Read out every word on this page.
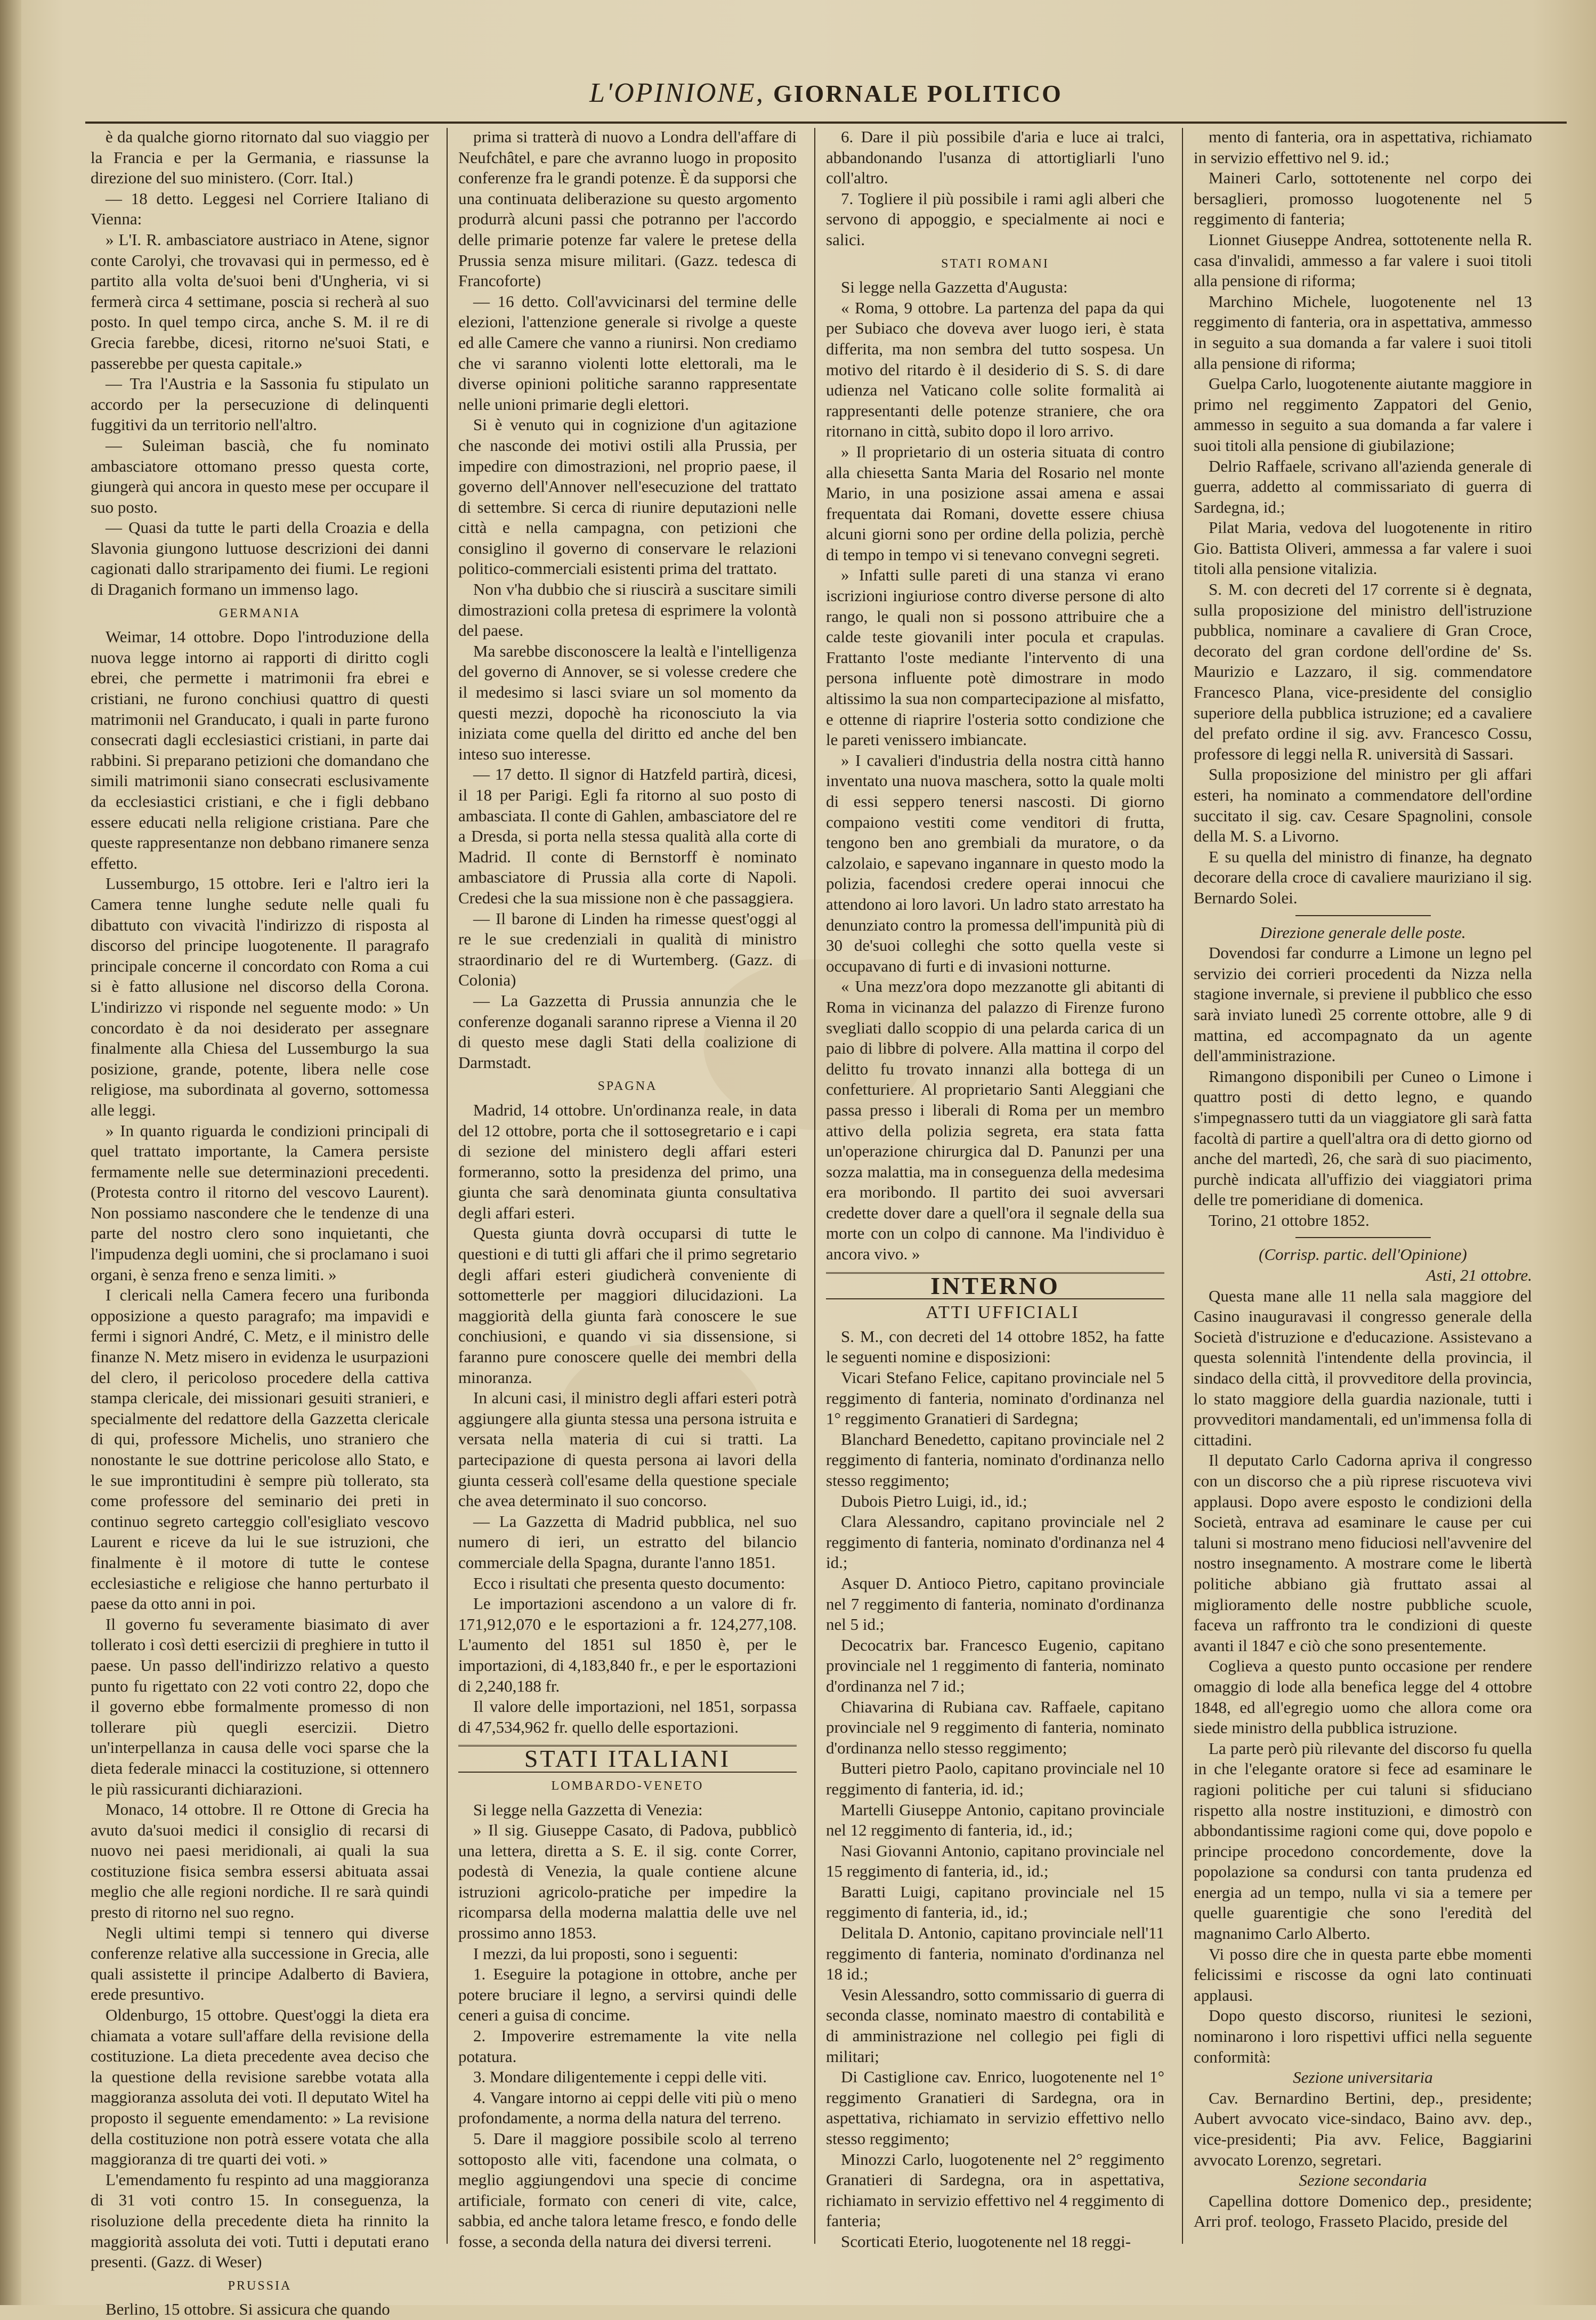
L'OPINIONE, GIORNALE POLITICO

è da qualche giorno ritornato dal suo viaggio per la Francia e per la Germania, e riassunse la direzione del suo ministero. (Corr. Ital.)

— 18 detto. Leggesi nel Corriere Italiano di Vienna:

» L'I. R. ambasciatore austriaco in Atene, signor conte Carolyi, che trovavasi qui in permesso, ed è partito alla volta de'suoi beni d'Ungheria, vi si fermerà circa 4 settimane, poscia si recherà al suo posto. In quel tempo circa, anche S. M. il re di Grecia farebbe, dicesi, ritorno ne'suoi Stati, e passerebbe per questa capitale.»

— Tra l'Austria e la Sassonia fu stipulato un accordo per la persecuzione di delinquenti fuggitivi da un territorio nell'altro.

— Suleiman bascià, che fu nominato ambasciatore ottomano presso questa corte, giungerà qui ancora in questo mese per occupare il suo posto.

— Quasi da tutte le parti della Croazia e della Slavonia giungono luttuose descrizioni dei danni cagionati dallo straripamento dei fiumi. Le regioni di Draganich formano un immenso lago.

GERMANIA

Weimar, 14 ottobre. Dopo l'introduzione della nuova legge intorno ai rapporti di diritto cogli ebrei, che permette i matrimonii fra ebrei e cristiani, ne furono conchiusi quattro di questi matrimonii nel Granducato, i quali in parte furono consecrati dagli ecclesiastici cristiani, in parte dai rabbini. Si preparano petizioni che domandano che simili matrimonii siano consecrati esclusivamente da ecclesiastici cristiani, e che i figli debbano essere educati nella religione cristiana. Pare che queste rappresentanze non debbano rimanere senza effetto.

Lussemburgo, 15 ottobre. Ieri e l'altro ieri la Camera tenne lunghe sedute nelle quali fu dibattuto con vivacità l'indirizzo di risposta al discorso del principe luogotenente. Il paragrafo principale concerne il concordato con Roma a cui si è fatto allusione nel discorso della Corona. L'indirizzo vi risponde nel seguente modo: » Un concordato è da noi desiderato per assegnare finalmente alla Chiesa del Lussemburgo la sua posizione, grande, potente, libera nelle cose religiose, ma subordinata al governo, sottomessa alle leggi.

» In quanto riguarda le condizioni principali di quel trattato importante, la Camera persiste fermamente nelle sue determinazioni precedenti. (Protesta contro il ritorno del vescovo Laurent). Non possiamo nascondere che le tendenze di una parte del nostro clero sono inquietanti, che l'impudenza degli uomini, che si proclamano i suoi organi, è senza freno e senza limiti. »

I clericali nella Camera fecero una furibonda opposizione a questo paragrafo; ma impavidi e fermi i signori André, C. Metz, e il ministro delle finanze N. Metz misero in evidenza le usurpazioni del clero, il pericoloso procedere della cattiva stampa clericale, dei missionari gesuiti stranieri, e specialmente del redattore della Gazzetta clericale di qui, professore Michelis, uno straniero che nonostante le sue dottrine pericolose allo Stato, e le sue improntitudini è sempre più tollerato, sta come professore del seminario dei preti in continuo segreto carteggio coll'esigliato vescovo Laurent e riceve da lui le sue istruzioni, che finalmente è il motore di tutte le contese ecclesiastiche e religiose che hanno perturbato il paese da otto anni in poi.

Il governo fu severamente biasimato di aver tollerato i così detti esercizii di preghiere in tutto il paese. Un passo dell'indirizzo relativo a questo punto fu rigettato con 22 voti contro 22, dopo che il governo ebbe formalmente promesso di non tollerare più quegli esercizii. Dietro un'interpellanza in causa delle voci sparse che la dieta federale minacci la costituzione, si ottennero le più rassicuranti dichiarazioni.

Monaco, 14 ottobre. Il re Ottone di Grecia ha avuto da'suoi medici il consiglio di recarsi di nuovo nei paesi meridionali, ai quali la sua costituzione fisica sembra essersi abituata assai meglio che alle regioni nordiche. Il re sarà quindi presto di ritorno nel suo regno.

Negli ultimi tempi si tennero qui diverse conferenze relative alla successione in Grecia, alle quali assistette il principe Adalberto di Baviera, erede presuntivo.

Oldenburgo, 15 ottobre. Quest'oggi la dieta era chiamata a votare sull'affare della revisione della costituzione. La dieta precedente avea deciso che la questione della revisione sarebbe votata alla maggioranza assoluta dei voti. Il deputato Witel ha proposto il seguente emendamento: » La revisione della costituzione non potrà essere votata che alla maggioranza di tre quarti dei voti. »

L'emendamento fu respinto ad una maggioranza di 31 voti contro 15. In conseguenza, la risoluzione della precedente dieta ha rinnito la maggiorità assoluta dei voti. Tutti i deputati erano presenti. (Gazz. di Weser)

PRUSSIA

Berlino, 15 ottobre. Si assicura che quando

prima si tratterà di nuovo a Londra dell'affare di Neufchâtel, e pare che avranno luogo in proposito conferenze fra le grandi potenze. È da supporsi che una continuata deliberazione su questo argomento produrrà alcuni passi che potranno per l'accordo delle primarie potenze far valere le pretese della Prussia senza misure militari. (Gazz. tedesca di Francoforte)

— 16 detto. Coll'avvicinarsi del termine delle elezioni, l'attenzione generale si rivolge a queste ed alle Camere che vanno a riunirsi. Non crediamo che vi saranno violenti lotte elettorali, ma le diverse opinioni politiche saranno rappresentate nelle unioni primarie degli elettori.

Si è venuto qui in cognizione d'un agitazione che nasconde dei motivi ostili alla Prussia, per impedire con dimostrazioni, nel proprio paese, il governo dell'Annover nell'esecuzione del trattato di settembre. Si cerca di riunire deputazioni nelle città e nella campagna, con petizioni che consiglino il governo di conservare le relazioni politico-commerciali esistenti prima del trattato.

Non v'ha dubbio che si riuscirà a suscitare simili dimostrazioni colla pretesa di esprimere la volontà del paese.

Ma sarebbe disconoscere la lealtà e l'intelligenza del governo di Annover, se si volesse credere che il medesimo si lasci sviare un sol momento da questi mezzi, dopochè ha riconosciuto la via iniziata come quella del diritto ed anche del ben inteso suo interesse.

— 17 detto. Il signor di Hatzfeld partirà, dicesi, il 18 per Parigi. Egli fa ritorno al suo posto di ambasciata. Il conte di Gahlen, ambasciatore del re a Dresda, si porta nella stessa qualità alla corte di Madrid. Il conte di Bernstorff è nominato ambasciatore di Prussia alla corte di Napoli. Credesi che la sua missione non è che passaggiera.

— Il barone di Linden ha rimesse quest'oggi al re le sue credenziali in qualità di ministro straordinario del re di Wurtemberg. (Gazz. di Colonia)

— La Gazzetta di Prussia annunzia che le conferenze doganali saranno riprese a Vienna il 20 di questo mese dagli Stati della coalizione di Darmstadt.

SPAGNA

Madrid, 14 ottobre. Un'ordinanza reale, in data del 12 ottobre, porta che il sottosegretario e i capi di sezione del ministero degli affari esteri formeranno, sotto la presidenza del primo, una giunta che sarà denominata giunta consultativa degli affari esteri.

Questa giunta dovrà occuparsi di tutte le questioni e di tutti gli affari che il primo segretario degli affari esteri giudicherà conveniente di sottometterle per maggiori dilucidazioni. La maggiorità della giunta farà conoscere le sue conchiusioni, e quando vi sia dissensione, si faranno pure conoscere quelle dei membri della minoranza.

In alcuni casi, il ministro degli affari esteri potrà aggiungere alla giunta stessa una persona istruita e versata nella materia di cui si tratti. La partecipazione di questa persona ai lavori della giunta cesserà coll'esame della questione speciale che avea determinato il suo concorso.

— La Gazzetta di Madrid pubblica, nel suo numero di ieri, un estratto del bilancio commerciale della Spagna, durante l'anno 1851.

Ecco i risultati che presenta questo documento:

Le importazioni ascendono a un valore di fr. 171,912,070 e le esportazioni a fr. 124,277,108. L'aumento del 1851 sul 1850 è, per le importazioni, di 4,183,840 fr., e per le esportazioni di 2,240,188 fr.

Il valore delle importazioni, nel 1851, sorpassa di 47,534,962 fr. quello delle esportazioni.

STATI ITALIANI

LOMBARDO-VENETO

Si legge nella Gazzetta di Venezia:

» Il sig. Giuseppe Casato, di Padova, pubblicò una lettera, diretta a S. E. il sig. conte Correr, podestà di Venezia, la quale contiene alcune istruzioni agricolo-pratiche per impedire la ricomparsa della moderna malattia delle uve nel prossimo anno 1853.

I mezzi, da lui proposti, sono i seguenti:

1. Eseguire la potagione in ottobre, anche per potere bruciare il legno, a servirsi quindi delle ceneri a guisa di concime.

2. Impoverire estremamente la vite nella potatura.

3. Mondare diligentemente i ceppi delle viti.

4. Vangare intorno ai ceppi delle viti più o meno profondamente, a norma della natura del terreno.

5. Dare il maggiore possibile scolo al terreno sottoposto alle viti, facendone una colmata, o meglio aggiungendovi una specie di concime artificiale, formato con ceneri di vite, calce, sabbia, ed anche talora letame fresco, e fondo delle fosse, a seconda della natura dei diversi terreni.

6. Dare il più possibile d'aria e luce ai tralci, abbandonando l'usanza di attortigliarli l'uno coll'altro.

7. Togliere il più possibile i rami agli alberi che servono di appoggio, e specialmente ai noci e salici.

STATI ROMANI

Si legge nella Gazzetta d'Augusta:

« Roma, 9 ottobre. La partenza del papa da qui per Subiaco che doveva aver luogo ieri, è stata differita, ma non sembra del tutto sospesa. Un motivo del ritardo è il desiderio di S. S. di dare udienza nel Vaticano colle solite formalità ai rappresentanti delle potenze straniere, che ora ritornano in città, subito dopo il loro arrivo.

» Il proprietario di un osteria situata di contro alla chiesetta Santa Maria del Rosario nel monte Mario, in una posizione assai amena e assai frequentata dai Romani, dovette essere chiusa alcuni giorni sono per ordine della polizia, perchè di tempo in tempo vi si tenevano convegni segreti.

» Infatti sulle pareti di una stanza vi erano iscrizioni ingiuriose contro diverse persone di alto rango, le quali non si possono attribuire che a calde teste giovanili inter pocula et crapulas. Frattanto l'oste mediante l'intervento di una persona influente potè dimostrare in modo altissimo la sua non compartecipazione al misfatto, e ottenne di riaprire l'osteria sotto condizione che le pareti venissero imbiancate.

» I cavalieri d'industria della nostra città hanno inventato una nuova maschera, sotto la quale molti di essi seppero tenersi nascosti. Di giorno compaiono vestiti come venditori di frutta, tengono ben ano grembiali da muratore, o da calzolaio, e sapevano ingannare in questo modo la polizia, facendosi credere operai innocui che attendono ai loro lavori. Un ladro stato arrestato ha denunziato contro la promessa dell'impunità più di 30 de'suoi colleghi che sotto quella veste si occupavano di furti e di invasioni notturne.

« Una mezz'ora dopo mezzanotte gli abitanti di Roma in vicinanza del palazzo di Firenze furono svegliati dallo scoppio di una pelarda carica di un paio di libbre di polvere. Alla mattina il corpo del delitto fu trovato innanzi alla bottega di un confetturiere. Al proprietario Santi Aleggiani che passa presso i liberali di Roma per un membro attivo della polizia segreta, era stata fatta un'operazione chirurgica dal D. Panunzi per una sozza malattia, ma in conseguenza della medesima era moribondo. Il partito dei suoi avversari credette dover dare a quell'ora il segnale della sua morte con un colpo di cannone. Ma l'individuo è ancora vivo. »

INTERNO

ATTI UFFICIALI

S. M., con decreti del 14 ottobre 1852, ha fatte le seguenti nomine e disposizioni:

Vicari Stefano Felice, capitano provinciale nel 5 reggimento di fanteria, nominato d'ordinanza nel 1° reggimento Granatieri di Sardegna;

Blanchard Benedetto, capitano provinciale nel 2 reggimento di fanteria, nominato d'ordinanza nello stesso reggimento;

Dubois Pietro Luigi, id., id.;

Clara Alessandro, capitano provinciale nel 2 reggimento di fanteria, nominato d'ordinanza nel 4 id.;

Asquer D. Antioco Pietro, capitano provinciale nel 7 reggimento di fanteria, nominato d'ordinanza nel 5 id.;

Decocatrix bar. Francesco Eugenio, capitano provinciale nel 1 reggimento di fanteria, nominato d'ordinanza nel 7 id.;

Chiavarina di Rubiana cav. Raffaele, capitano provinciale nel 9 reggimento di fanteria, nominato d'ordinanza nello stesso reggimento;

Butteri pietro Paolo, capitano provinciale nel 10 reggimento di fanteria, id. id.;

Martelli Giuseppe Antonio, capitano provinciale nel 12 reggimento di fanteria, id., id.;

Nasi Giovanni Antonio, capitano provinciale nel 15 reggimento di fanteria, id., id.;

Baratti Luigi, capitano provinciale nel 15 reggimento di fanteria, id., id.;

Delitala D. Antonio, capitano provinciale nell'11 reggimento di fanteria, nominato d'ordinanza nel 18 id.;

Vesin Alessandro, sotto commissario di guerra di seconda classe, nominato maestro di contabilità e di amministrazione nel collegio pei figli di militari;

Di Castiglione cav. Enrico, luogotenente nel 1° reggimento Granatieri di Sardegna, ora in aspettativa, richiamato in servizio effettivo nello stesso reggimento;

Minozzi Carlo, luogotenente nel 2° reggimento Granatieri di Sardegna, ora in aspettativa, richiamato in servizio effettivo nel 4 reggimento di fanteria;

Scorticati Eterio, luogotenente nel 18 reggi-

mento di fanteria, ora in aspettativa, richiamato in servizio effettivo nel 9. id.;

Maineri Carlo, sottotenente nel corpo dei bersaglieri, promosso luogotenente nel 5 reggimento di fanteria;

Lionnet Giuseppe Andrea, sottotenente nella R. casa d'invalidi, ammesso a far valere i suoi titoli alla pensione di riforma;

Marchino Michele, luogotenente nel 13 reggimento di fanteria, ora in aspettativa, ammesso in seguito a sua domanda a far valere i suoi titoli alla pensione di riforma;

Guelpa Carlo, luogotenente aiutante maggiore in primo nel reggimento Zappatori del Genio, ammesso in seguito a sua domanda a far valere i suoi titoli alla pensione di giubilazione;

Delrio Raffaele, scrivano all'azienda generale di guerra, addetto al commissariato di guerra di Sardegna, id.;

Pilat Maria, vedova del luogotenente in ritiro Gio. Battista Oliveri, ammessa a far valere i suoi titoli alla pensione vitalizia.

S. M. con decreti del 17 corrente si è degnata, sulla proposizione del ministro dell'istruzione pubblica, nominare a cavaliere di Gran Croce, decorato del gran cordone dell'ordine de' Ss. Maurizio e Lazzaro, il sig. commendatore Francesco Plana, vice-presidente del consiglio superiore della pubblica istruzione; ed a cavaliere del prefato ordine il sig. avv. Francesco Cossu, professore di leggi nella R. università di Sassari.

Sulla proposizione del ministro per gli affari esteri, ha nominato a commendatore dell'ordine succitato il sig. cav. Cesare Spagnolini, console della M. S. a Livorno.

E su quella del ministro di finanze, ha degnato decorare della croce di cavaliere mauriziano il sig. Bernardo Solei.

Direzione generale delle poste.

Dovendosi far condurre a Limone un legno pel servizio dei corrieri procedenti da Nizza nella stagione invernale, si previene il pubblico che esso sarà inviato lunedì 25 corrente ottobre, alle 9 di mattina, ed accompagnato da un agente dell'amministrazione.

Rimangono disponibili per Cuneo o Limone i quattro posti di detto legno, e quando s'impegnassero tutti da un viaggiatore gli sarà fatta facoltà di partire a quell'altra ora di detto giorno od anche del martedì, 26, che sarà di suo piacimento, purchè indicata all'uffizio dei viaggiatori prima delle tre pomeridiane di domenica.

Torino, 21 ottobre 1852.

(Corrisp. partic. dell'Opinione)

Asti, 21 ottobre.

Questa mane alle 11 nella sala maggiore del Casino inauguravasi il congresso generale della Società d'istruzione e d'educazione. Assistevano a questa solennità l'intendente della provincia, il sindaco della città, il provveditore della provincia, lo stato maggiore della guardia nazionale, tutti i provveditori mandamentali, ed un'immensa folla di cittadini.

Il deputato Carlo Cadorna apriva il congresso con un discorso che a più riprese riscuoteva vivi applausi. Dopo avere esposto le condizioni della Società, entrava ad esaminare le cause per cui taluni si mostrano meno fiduciosi nell'avvenire del nostro insegnamento. A mostrare come le libertà politiche abbiano già fruttato assai al miglioramento delle nostre pubbliche scuole, faceva un raffronto tra le condizioni di queste avanti il 1847 e ciò che sono presentemente.

Coglieva a questo punto occasione per rendere omaggio di lode alla benefica legge del 4 ottobre 1848, ed all'egregio uomo che allora come ora siede ministro della pubblica istruzione.

La parte però più rilevante del discorso fu quella in che l'elegante oratore si fece ad esaminare le ragioni politiche per cui taluni si sfiduciano rispetto alla nostre instituzioni, e dimostrò con abbondantissime ragioni come qui, dove popolo e principe procedono concordemente, dove la popolazione sa condursi con tanta prudenza ed energia ad un tempo, nulla vi sia a temere per quelle guarentigie che sono l'eredità del magnanimo Carlo Alberto.

Vi posso dire che in questa parte ebbe momenti felicissimi e riscosse da ogni lato continuati applausi.

Dopo questo discorso, riunitesi le sezioni, nominarono i loro rispettivi uffici nella seguente conformità:

Sezione universitaria

Cav. Bernardino Bertini, dep., presidente; Aubert avvocato vice-sindaco, Baino avv. dep., vice-presidenti; Pia avv. Felice, Baggiarini avvocato Lorenzo, segretari.

Sezione secondaria

Capellina dottore Domenico dep., presidente; Arri prof. teologo, Frasseto Placido, preside del
